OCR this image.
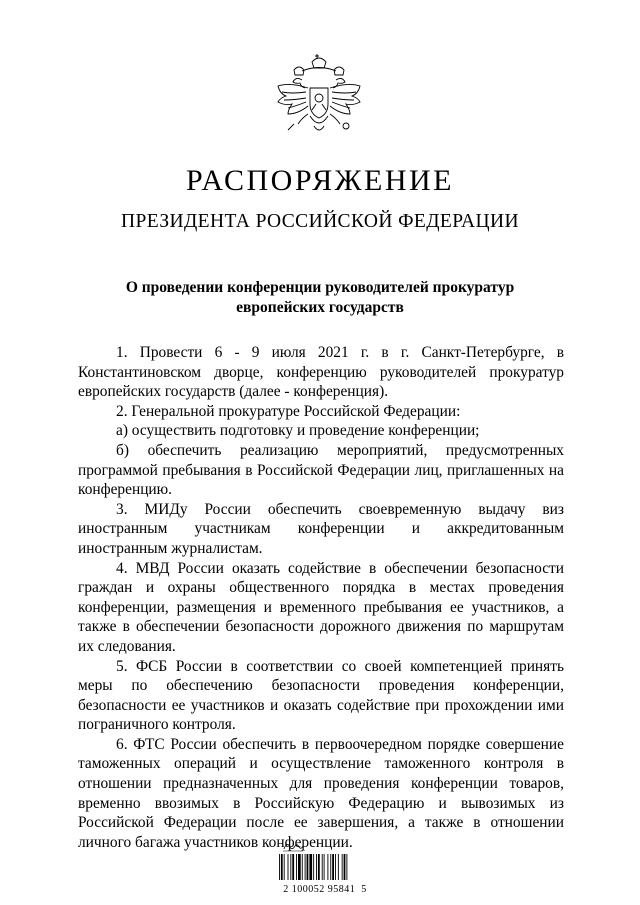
РАСПОРЯЖЕНИЕ
ПРЕЗИДЕНТА РОССИЙСКОЙ ФЕДЕРАЦИИ
О проведении конференции руководителей прокуратур
европейских государств

1. Провести 6 - 9 июля 2021 г. в г. Санкт-Петербурге, в Константиновском дворце, конференцию руководителей прокуратур европейских государств (далее - конференция).

2. Генеральной прокуратуре Российской Федерации:

а) осуществить подготовку и проведение конференции;

б) обеспечить реализацию мероприятий, предусмотренных программой пребывания в Российской Федерации лиц, приглашенных на конференцию.

3. МИДу России обеспечить своевременную выдачу виз иностранным участникам конференции и аккредитованным иностранным журналистам.

4. МВД России оказать содействие в обеспечении безопасности граждан и охраны общественного порядка в местах проведения конференции, размещения и временного пребывания ее участников, а также в обеспечении безопасности дорожного движения по маршрутам их следования.

5. ФСБ России в соответствии со своей компетенцией принять меры по обеспечению безопасности проведения конференции, безопасности ее участников и оказать содействие при прохождении ими пограничного контроля.

6. ФТС России обеспечить в первоочередном порядке совершение таможенных операций и осуществление таможенного контроля в отношении предназначенных для проведения конференции товаров, временно ввозимых в Российскую Федерацию и вывозимых из Российской Федерации после ее завершения, а также в отношении личного багажа участников конференции.

2 100052 95841  5
